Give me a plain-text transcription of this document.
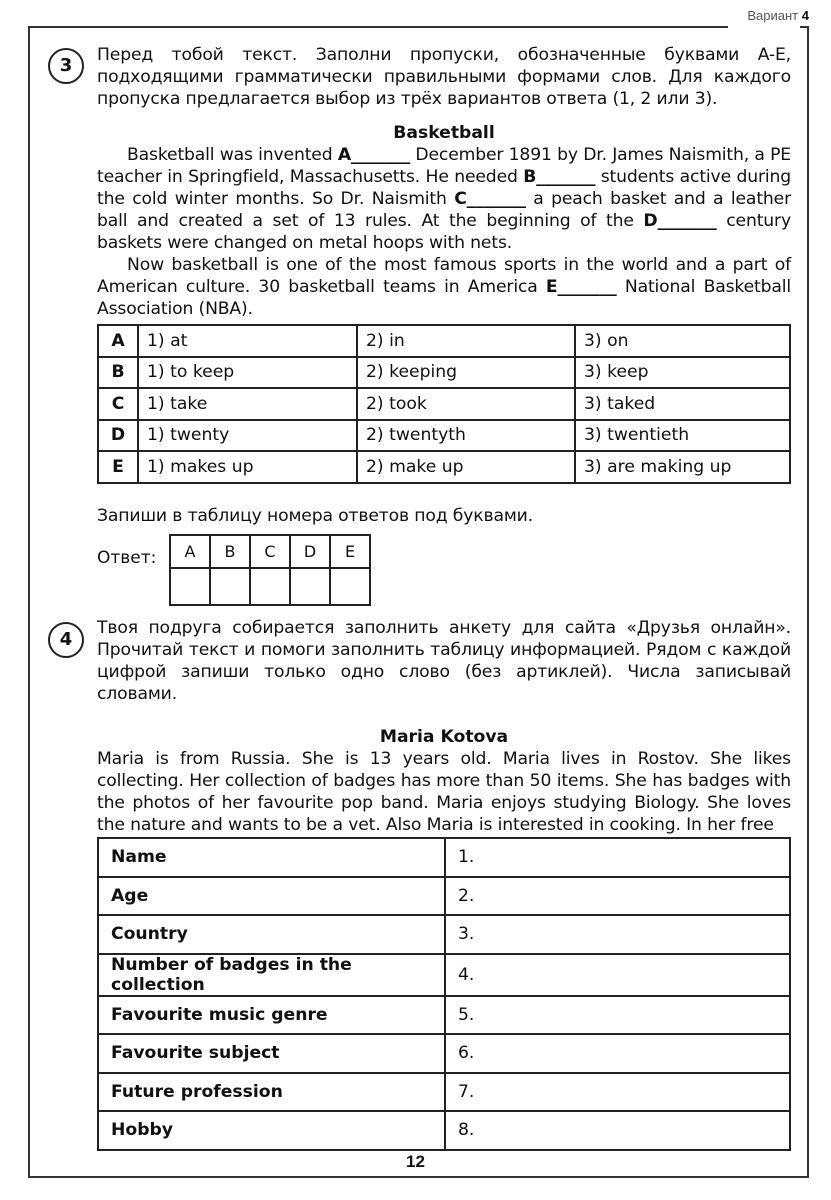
Вариант 4
3	Перед тобой текст. Заполни пропуски, обозначенные буквами A-E, подходящими грамматически правильными формами слов. Для каждого пропуска предлагается выбор из трёх вариантов ответа (1, 2 или 3).
Basketball
Basketball was invented A_______ December 1891 by Dr. James Naismith, a PE teacher in Springfield, Massachusetts. He needed B_______ students active during the cold winter months. So Dr. Naismith C_______ a peach basket and a leather ball and created a set of 13 rules. At the beginning of the D_______ century baskets were changed on metal hoops with nets.
Now basketball is one of the most famous sports in the world and a part of American culture. 30 basketball teams in America E_______ National Basketball Association (NBA).
A	1) at	2) in	3) on
B	1) to keep	2) keeping	3) keep
C	1) take	2) took	3) taked
D	1) twenty	2) twentyth	3) twentieth
E	1) makes up	2) make up	3) are making up
Запиши в таблицу номера ответов под буквами.
Ответ: A	B	C	D	E

4
Твоя подруга собирается заполнить анкету для сайта «Друзья онлайн». Прочитай текст и помоги заполнить таблицу информацией. Рядом с каждой цифрой запиши только одно слово (без артиклей). Числа записывай словами.
Maria Kotova
Maria is from Russia. She is 13 years old. Maria lives in Rostov. She likes collecting. Her collection of badges has more than 50 items. She has badges with the photos of her favourite pop band. Maria enjoys studying Biology. She loves the nature and wants to be a vet. Also Maria is interested in cooking. In her free
Name	1.
Age	2.
Country	3.
Number of badges in the collection	4.
Favourite music genre	5.
Favourite subject	6.
Future profession	7.
Hobby	8.
12
